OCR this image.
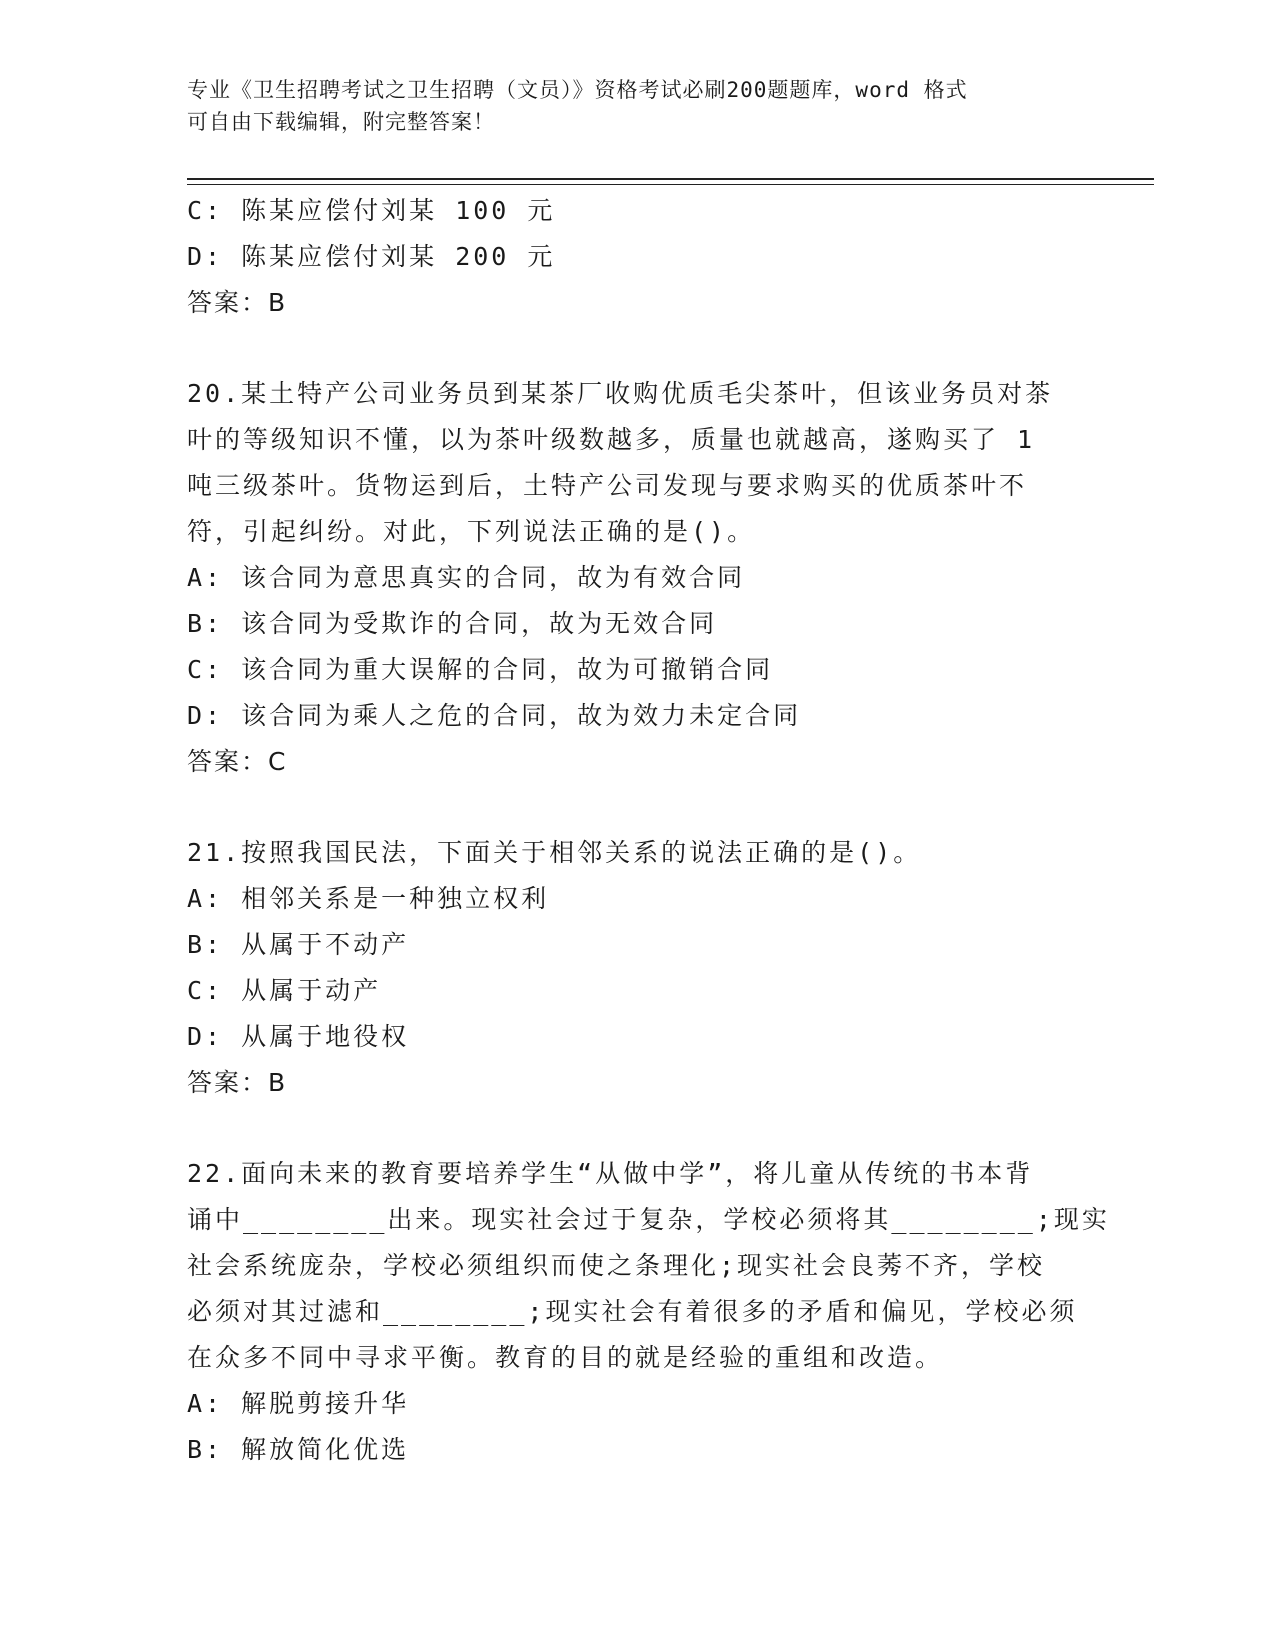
专业《卫生招聘考试之卫生招聘（文员）》资格考试必刷200题题库，word 格式
可自由下载编辑，附完整答案！
C: 陈某应偿付刘某 100 元
D: 陈某应偿付刘某 200 元
答案：B
20.某土特产公司业务员到某茶厂收购优质毛尖茶叶，但该业务员对茶
叶的等级知识不懂，以为茶叶级数越多，质量也就越高，遂购买了 1
吨三级茶叶。货物运到后，土特产公司发现与要求购买的优质茶叶不
符，引起纠纷。对此，下列说法正确的是()。
A: 该合同为意思真实的合同，故为有效合同
B: 该合同为受欺诈的合同，故为无效合同
C: 该合同为重大误解的合同，故为可撤销合同
D: 该合同为乘人之危的合同，故为效力未定合同
答案：C
21.按照我国民法，下面关于相邻关系的说法正确的是()。
A: 相邻关系是一种独立权利
B: 从属于不动产
C: 从属于动产
D: 从属于地役权
答案：B
22.面向未来的教育要培养学生“从做中学”，将儿童从传统的书本背
诵中________出来。现实社会过于复杂，学校必须将其________;现实
社会系统庞杂，学校必须组织而使之条理化;现实社会良莠不齐，学校
必须对其过滤和________;现实社会有着很多的矛盾和偏见，学校必须
在众多不同中寻求平衡。教育的目的就是经验的重组和改造。
A: 解脱剪接升华
B: 解放简化优选
